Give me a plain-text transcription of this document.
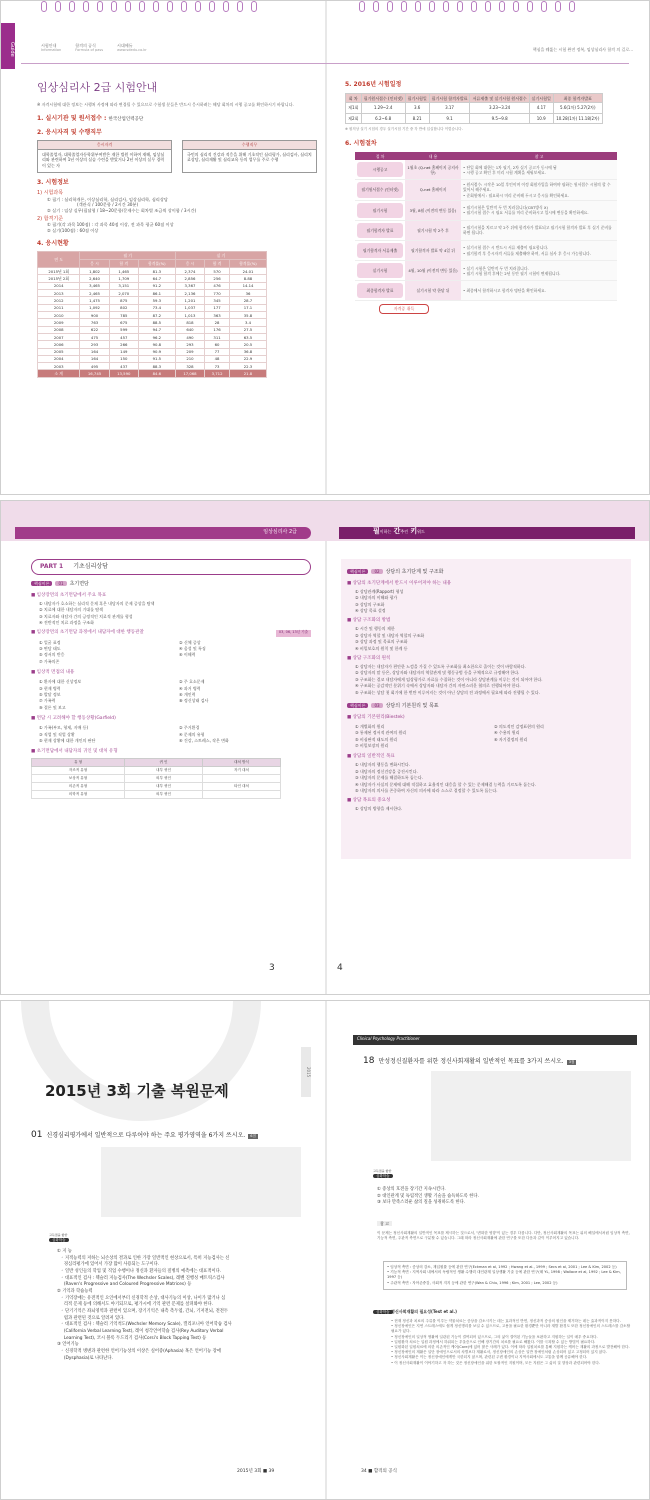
Guide	시험안내
Information
합격의 공식
Formula of pass
시대에듀
www.sdedu.co.kr	핵심을 꿰뚫는 시험 완전 정복, 임상심리사 합격 의 길로...
임상심리사 2급 시험안내
※ 자격시험에 대한 정보는 시행처 사정에 따라 변경될 수 있으므로 수험생 분들은 반드시 응시하려는 해당 회차의 시행 공고를 확인하시기 바랍니다.
1. 실시기관 및 원서접수 : 한국산업인력공단
2. 응시자격 및 수행직무
응시자격
대학졸업자, 대학졸업자등학위부여받은 재한 법원 이하여 재해, 임상심리와 관련하여 1년 이상의 실습 수련을 받았거나 2년 이상의 실무 경력이 있는 자
수행직무
국민의 심리적 건강과 적응을 위해 기초적인 심리평가, 심리검사, 심리치료상담, 심리재활 및 심리교육 등의 업무를 주로 수행
3. 시험정보
1) 시험과목
① 필기 : 심리학개론, 이상심리학, 심리검사, 임상심리학, 심리상담
(객관식 / 100문항 / 2시간 30분)
② 실기 : 임상 실무(필답형 / 18~20문항/문제수는 회차별 조금씩 상이함 / 3시간)
2) 합격기준
① 필기(각 과목 100점) : 각 과목 40점 이상, 전 과목 평균 60점 이상
② 실기(100점) : 60점 이상
4. 응시현황
연 도	필 기			실 기		
	응 시	합 격	합격률(%)	응 시	합 격	합격률(%)
2015년 1회	1,802	1,465	81.3	2,374	570	24.01
2015년 2회	2,640	1,709	64.7	2,856	256	8.88
2014	3,465	3,151	91.2	3,367	476	14.14
2013	2,465	2,070	86.1	2,136	770	36
2012	1,475	875	59.3	1,201	345	28.7
2011	1,092	802	73.4	1,037	177	17.1
2010	900	785	87.2	1,013	363	35.8
2009	763	675	88.5	818	28	3.4
2008	622	599	94.7	640	176	27.5
2007	475	457	96.2	490	311	63.5
2006	293	266	90.8	293	60	20.5
2005	164	149	90.9	209	77	36.8
2004	164	150	91.5	210	48	22.9
2003	495	437	88.3	328	73	22.3
소 계	16,745	13,590	84.6	17,068	3,712	21.8
5. 2016년 시험일정
회 차	필기원서접수 (인터넷)	필기시험일	필기시험 합격자발표	서류제출 및 실기시험 원서접수	실기시험일	최종 합격자발표
제1회	1.29~2.4	3.6	3.17	3.23~3.24	4.17	5.6(1차) 5.27(2차)
제2회	6.2~6.8	8.21	9.1	9.5~9.8	10.9	10.28(1차) 11.18(2차)
※ 원칙상 실기 시험의 경우 실기시험 기간 중 각 반에 입실합니다 이렇습니다.
6. 시험절차
절 차	내 용	참 고

시행공고	1월초 (Q-net 홈페이지 공지사항)	• 단일 회에 대한는 1차 필기, 2차 실기 공고가 동시에 됨
• 시행 공고 확인 후 미리 시험 계획을 세워보세요.

필기원서접수 (인터넷)	Q-net 홈페이지	• 원서접수: 시작은 10일 후인이며 이정 회원가입을 하여야 필하는 원서접수 시험의 할 수 있어서 해주세요.
• 준회원에서 : 필요하시 미리 준비해 두시고 응시를 확인하세요.

필기시험	3월, 8월 (이전의 변동 있음)	• 필기시험은 일반적 두 번 치러집니다(CBT방식 X)
• 필기시험 접수 시 필요 서류를 미리 준비하시고 입시에 변동을 확인하세요.

필기합격자 발표	필기시험 약 2주 후	• 필기시험을 치르고 약 2주 뒤에 합격자가 발표되고 필기시험 합격자 발표 후 실기 준비를 하면 됩니다.

필기합격자 서류제출	필기합격자 발표 약 4일 뒤	• 실기시험 접수 시 반드시 서류 제출이 필요합니다.
• 필기합격 후 응시자격 서류를 제출해야 하며, 서류 심사 후 응시 가능합니다.

실기시험	4월, 10월 (이전의 변동 있음)	• 실기 시험은 일반적 두 번 치러집니다.
• 필기 시험 합격 후에는 2년 동안 필기 시험이 면제됩니다.

최종합격자 발표	실기시험 약 한달 뒤	• 최종에서 합격하시고 합격자 명단을 확인하세요.
자격증 취득
임상심리사 2급	필이하는 간추린 키워드
PART 1 기초심리상담
핵심이론 01 초기면담
■ 임상장면의 초기면담에서 주요 목표
① 내담자가 호소하는 심리적 문제 혹은 내담자의 문제 증상을 탐색
② 치료에 대한 내담자의 기대를 탐색
③ 치료자와 내담자 간의 긍정적인 치료적 관계를 형성
④ 전반적인 치료 과정을 구조화
■ 임상장면의 초기면담 과정에서 내담자에 대한 행동관찰	03, 06, 13년 기출
① 얼굴 표정
③ 면담 태도
⑤ 정서의 반응
⑦ 가족의존
② 신체 증상
④ 음성 및 특징
⑥ 이해력
■ 임상적 면접의 내용
① 환자에 대한 신상정보
③ 현재 병력
⑤ 발달 정보
⑦ 가족력
⑨ 결론 및 보고
② 주 호소문제
④ 과거 병력
⑥ 개인력
⑧ 정신상태 검사
■ 면담 시 고려해야 할 행동상황(Garfield)
① 가족(부모, 형제, 자매 등)
③ 직업 및 직업 상황
⑤ 현재 상황에 대한 개인의 판단
② 주거환경
④ 문제의 유형
⑥ 건강, 스트레스, 작은 변화
■ 초기면담에서 내담자의 귀인 및 대처 유형
유 형	귀 인	대처 방식
자조적 유형	내부 귀인	자기 대처
보상적 유형	외부 귀인	
의존적 유형	내부 귀인	타인 대처
의학적 유형	외부 귀인	
핵심이론 02 상담의 초기단계 및 구조화
■ 상담의 초기단계에서 반드시 이루어져야 하는 내용
① 상담관계(Rapport) 형성
② 내담자의 이해와 평가
③ 상담의 구조화
④ 상담 목표 설정
■ 상담 구조화의 방법
① 시간 및 행동의 제한
② 상담자 역할 및 내담자 역할의 구조화
③ 상담 과정 및 목표의 구조화
④ 비밀보호의 원칙 및 한계 등
■ 상담 구조화의 원칙
① 상담자는 내담자가 편안한 느낌을 가질 수 있도록 구조화를 최소한으로 줄이는 것이 바람직하다.
② 상담자의 말 등은, 상담자와 내담자의 역할관계 및 행동규범 등을 구체적으로 규정해야 한다.
③ 구조화는 결코 내담자에게 임상평가로 자료를 수집하는 것이 아니라 상담관계를 이루는 것이 되어야 한다.
④ 구조화는 공감적인 분위기 속에서 상담자와 내담자 간의 자연스러운 협의로 진행되어야 한다.
⑤ 구조화는 상담 첫 회기에 한 번만 이루어지는 것이 아닌 상담의 전 과정에서 필요에 따라 진행될 수 있다.
핵심이론 03 상담의 기본원리 및 목표
■ 상담의 기본원리(Biestek)
① 개별화의 원리
③ 통제된 정서적 관여의 원리
⑤ 비심판적 태도의 원리
⑦ 비밀보장의 원리
② 의도적인 감정표현의 원리
④ 수용의 원리
⑥ 자기결정의 원리
■ 상담의 일반적인 목표
① 내담자의 행동을 변화시킨다.
② 내담자의 정신건강을 증진시킨다.
③ 내담자의 문제를 해결하도록 돕는다.
④ 내담자가 사실의 문제에 대해 적절하고 효율적인 대응을 할 수 있는 문제해결 능력을 기르도록 돕는다.
⑤ 내담자의 의사를 존중하여 자신의 의사에 따라 스스로 결정할 수 있도록 돕는다.
■ 상담 목표의 중요성
① 상담의 방향을 제시한다.
3	4
2015
2015년 3회 기출 복원문제
01 신경심리평가에서 일반적으로 다루어야 하는 주요 평가영역을 6가지 쓰시오. 6점
고득점을 향한
심화학습
① 지 능
◦ 지적능력의 저하는 뇌손상의 결과로 인한 가장 일반적인 현상으로서, 특히 지능검사는 신
경심리평가에 있어서 가장 많이 사용되는 도구이다.
◦ 일반 성인들의 학업 및 직업 수행이나 정신과 환자들의 질병의 예측에는 대표적이다.
◦ 대표적인 검사 : 웩슬러 지능검사(The Wechsler Scales), 레벤 진행성 매트릭스검사
(Raven's Progressive and Coloured Progressive Matrices) 등
② 기억과 학습능력
◦ 기억장애는 유전적인 요인에서부터 신경학적 손상, 대사기능의 이상, 나이가 많거나 심
리적 문제 등에 의해서도 야기되므로, 평가시에 기억 관련 문제를 살펴봐야 한다.
◦ 단기기억은 좌뇌영역과 관련이 있으며, 장기기억은 내측 측두엽, 간뇌, 기저전뇌, 전전두
엽과 관련된 것으로 알려져 있다.
◦ 대표적인 검사 : 웩슬러 기억척도(Wechsler Memory Scale), 캘리포니아 언어학습 검사
(California Verbal Learning Test), 레이 청각언어학습 검사(Rey Auditory Verbal
Learning Test), 코시 블록 두드리기 검사(Corsi's Block Tapping Test) 등
③ 언어기능
◦ 신경학적 병변과 관련한 언어기능상의 이상은 실어증(Aphasia) 혹은 언어기능 장애
(Dysphasia)로 나타난다.
2015년 3회 ■ 39
Clinical Psychology Practitioner
18 만성정신질환자를 위한 정신사회재활의 일반적인 목표를 3가지 쓰시오. 3점
고득점을 향한
심화학습
① 증상의 호전을 장기간 지속시킨다.
② 대인관계 및 독립적인 생활 기술을 습득하도록 한다.
③ 보다 만족스러운 삶의 질을 성취하도록 한다.
참 고
이 문제는 정신사회재활의 일반적인 목표를 제시하는 것으로서, '변화한 영향'이 있는 경우 다릅니다. 다만, 정신사회재활의 목표는 위의 해설에서처럼 임상적 측면, 기능적 측면, 주관적 측면으로 구분할 수 있습니다. 그래 따라 정신사회재활에 관한 연구를 또한 다음과 같이 이루어지고 있습니다.
• 임상적 측면 : 증상의 감소, 재입원률 등에 관한 연구(Eckman et al, 1992 ; Hwang et al., 1999 ; Secs et al, 2001 ; Lee & Kim, 2002 등)
• 기능적 측면 : 지역사회 내에서의 독립적인 생활 수행력 대인관계 일상생활 기술 등에 관한 연구(헤 YL, 1998 ; Wallace et al, 1992 ; Lee & Kim, 1997 등)
• 주관적 측면 : 자아존중감, 사회적 지지 등에 관한 연구(Wan & Chiu, 1996 ; Kim, 2001 ; Lee, 2002 등)
심화학습 정신사회재활의 필요성(Test et al.)
• 현재 정신과 치료의 주류를 이루는 약물치료는 증상을 감소시키는 데는 효과적인 반면, 정신과적 증상의 원인을 제거하는 데는 효과적이지 못하다.
• 정신장애인은 지연 스트레스에도 쉽게 정신병리를 보일 수 있으므로, 고용을 필요한 환경뿐만 아니라 재발 환경도 또한 정신장애인의 스트레스를 감소할 필요가 있다.
• 정신장애인의 일상적 생활에 일관된 기능이 결여되어 있으므로, 그의 삶이 결여된 기능들을 보완하고 지원하는 일이 매우 중요하다.
• 입원환자 치료는 입원 과정에서 하위되는 우울증으로 인해 장기간의 치료를 필요로 해왔다. 이를 극복할 수 있는 방법이 필요하다.
• 일원화된 입원치료에 의한 의존적인 케어(Care)에 있어 많은 사례가 있다. 이에 따라 입원치료를 통해 지원하는 케어는 재활의 과정으로 발전해야 한다.
• 정신장애인의 재활은 일단 장애인으로서의 차별보다 재활로서, 정신장애인의 손상은 일반 장애인처럼 손상되어 있고 고정되어 있지 않다.
• 정신사회재활은 이는 정신장애인에게만 국한되지 않으며, 관련된 주변 환경이나 지역사회에서도 고통을 함께 공유해야 한다.
• 이 정신사회재활이 이야기하고 자 하는 것은 정신장애인을 위한 포괄적인 지원이며, 모든 지원은 그 삶의 질 향상과 관련되어야 한다.
34 ■ 합격의 공식
